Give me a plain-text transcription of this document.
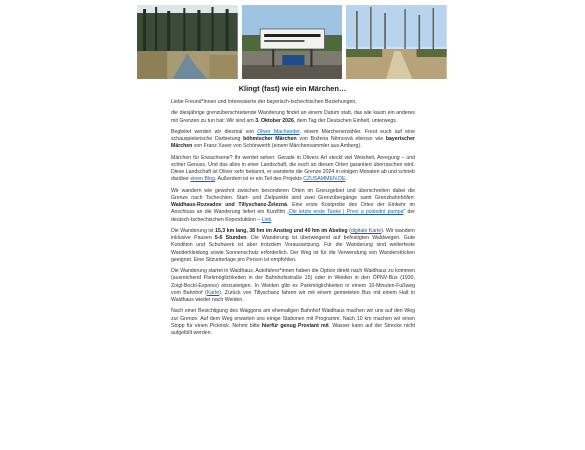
Klingt (fast) wie ein Märchen…

Liebe Freund*innen und Interessierte der bayerisch-tschechischen Beziehungen,

die diesjährige grenzüberschreitende Wanderung findet an einem Datum statt, das wie kaum ein anderes mit Grenzen zu tun hat: Wir sind am 3. Oktober 2026, dem Tag der Deutschen Einheit, unterwegs.

Begleitet werden wir diesmal von Oliver Machander, einem Märchenerzähler. Freut euch auf eine schauspielerische Darbietung böhmischer Märchen von Božena Němcová ebenso wie bayerischer Märchen von Franz Xaver von Schönwerth (einem Märchensammler aus Amberg).

Märchen für Erwachsene? Ihr werdet sehen: Gerade in Olivers Art steckt viel Weisheit, Anregung – und echter Genuss. Und das alles in einer Landschaft, die euch an diesen Orten garantiert überraschen wird. Diese Landschaft ist Oliver sehr bekannt, er wanderte die Grenze 2024 in einigen Monaten ab und schrieb darüber einen Blog. Außerdem ist er ein Teil des Projekts CZUSAMMEN.DE.

Wir wandern wie gewohnt zwischen besonderen Orten im Grenzgebiet und überschreiten dabei die Grenze nach Tschechien. Start- und Zielpunkte sind zwei Grenzübergänge samt Grenzbahnhöfen: Waidhaus-Rozvadov und Tillyschanz-Železná. Eine erste Kostprobe des Ortes der Einkehr im Anschluss an die Wanderung liefert ein Kurzfilm „Die letzte erste Tanke | První a poslední pumpa" der deutsch-tschechischen Koproduktion – Link.

Die Wanderung ist 15,3 km lang, 38 hm im Anstieg und 40 hm im Abstieg (digitale Karte). Wir wandern inklusive Pausen 5-6 Stunden. Die Wanderung ist überwiegend auf befestigten Waldwegen. Gute Kondition und Schuhwerk ist aber trotzdem Voraussetzung. Für die Wanderung sind wetterfeste Wanderkleidung sowie Sonnenschutz erforderlich. Der Weg ist für die Verwendung von Wanderstöcken geeignet. Eine Sitzunterlage pro Person ist empfohlen.

Die Wanderung startet in Waidhaus. Autofahrer*innen haben die Option direkt nach Waidhaus zu kommen (ausreichend Parkmöglichkeiten in der Bahnhofsstraße 15) oder in Weiden in den ÖPNV-Bus (1930, Zoigl-Bockl-Express) einzusteigen. In Weiden gibt es Parkmöglichkeiten in einem 10-Minuten-Fußweg vom Bahnhof (Karte). Zurück von Tillyschanz fahren wir mit einem gemieteten Bus mit einem Halt in Waidhaus wieder nach Weiden.

Nach einer Besichtigung des Waggons am ehemaligen Bahnhof Waidhaus machen wir uns auf den Weg zur Grenze. Auf dem Weg erwarten uns einige Stationen mit Programm. Nach 10 km machen wir einen Stopp für einen Picknick. Nehmt bitte hierfür genug Proviant mit. Wasser kann auf der Strecke nicht aufgefüllt werden.
